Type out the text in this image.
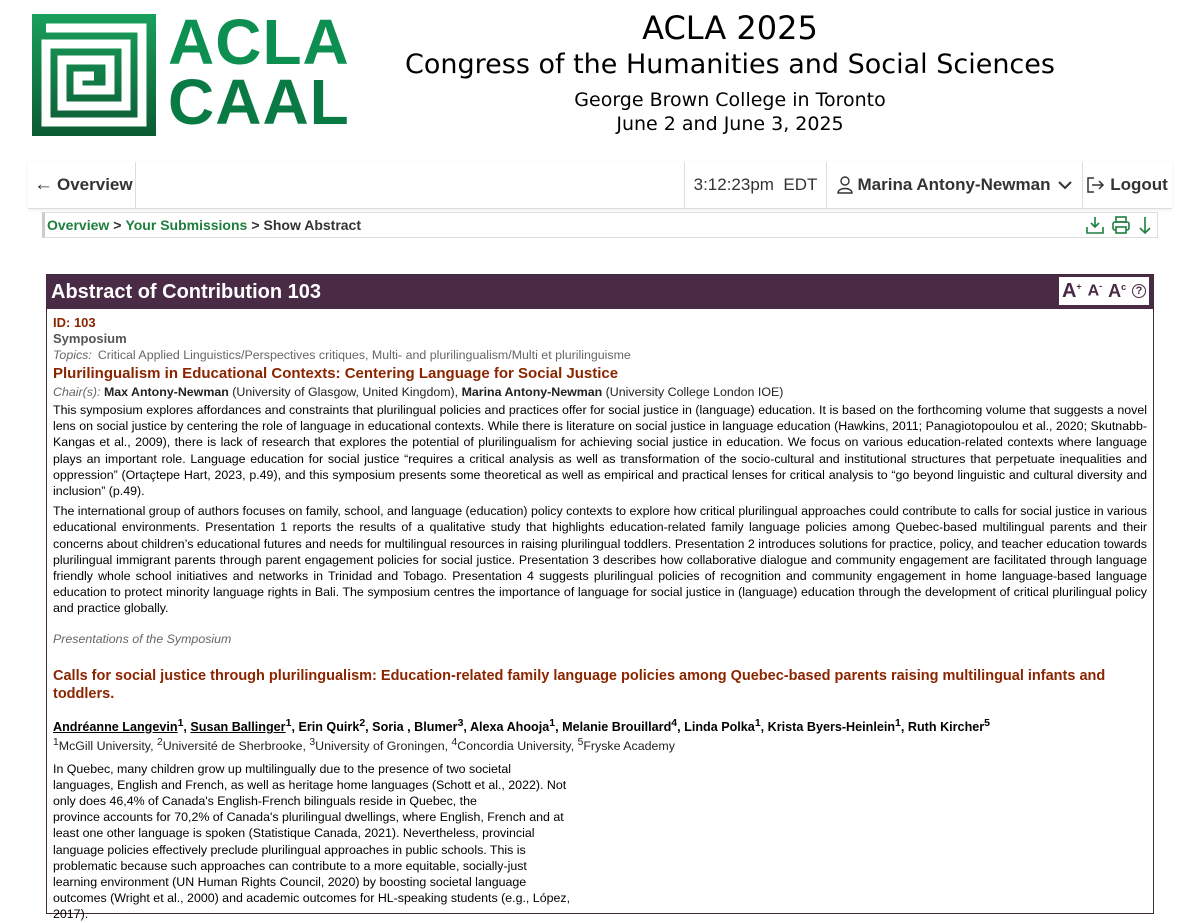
ACLA
CAAL
ACLA 2025
Congress of the Humanities and Social Sciences
George Brown College in Toronto
June 2 and June 3, 2025
← Overview	3:12:23pm  EDT Marina Antony-Newman	Logout
Overview > Your Submissions > Show Abstract
Abstract of Contribution 103	A+ A- $A^c$ ?
ID: 103
Symposium
Topics: Critical Applied Linguistics/Perspectives critiques, Multi- and plurilingualism/Multi et plurilinguisme
Plurilingualism in Educational Contexts: Centering Language for Social Justice
Chair(s): Max Antony-Newman (University of Glasgow, United Kingdom), Marina Antony-Newman (University College London IOE)
This symposium explores affordances and constraints that plurilingual policies and practices offer for social justice in (language) education. It is based on the forthcoming volume that suggests a novel lens on social justice by centering the role of language in educational contexts. While there is literature on social justice in language education (Hawkins, 2011; Panagiotopoulou et al., 2020; Skutnabb-Kangas et al., 2009), there is lack of research that explores the potential of plurilingualism for achieving social justice in education. We focus on various education-related contexts where language plays an important role. Language education for social justice “requires a critical analysis as well as transformation of the socio-cultural and institutional structures that perpetuate inequalities and oppression” (Ortaçtepe Hart, 2023, p.49), and this symposium presents some theoretical as well as empirical and practical lenses for critical analysis to “go beyond linguistic and cultural diversity and inclusion” (p.49).
The international group of authors focuses on family, school, and language (education) policy contexts to explore how critical plurilingual approaches could contribute to calls for social justice in various educational environments. Presentation 1 reports the results of a qualitative study that highlights education-related family language policies among Quebec-based multilingual parents and their concerns about children’s educational futures and needs for multilingual resources in raising plurilingual toddlers. Presentation 2 introduces solutions for practice, policy, and teacher education towards plurilingual immigrant parents through parent engagement policies for social justice. Presentation 3 describes how collaborative dialogue and community engagement are facilitated through language friendly whole school initiatives and networks in Trinidad and Tobago. Presentation 4 suggests plurilingual policies of recognition and community engagement in home language-based language education to protect minority language rights in Bali. The symposium centres the importance of language for social justice in (language) education through the development of critical plurilingual policy and practice globally.
Presentations of the Symposium
Calls for social justice through plurilingualism: Education-related family language policies among Quebec-based parents raising multilingual infants and toddlers.
Andréanne Langevin$^1$, Susan Ballinger$^1$, Erin Quirk$^2$, Soria , Blumer$^3$, Alexa Ahooja$^1$, Melanie Brouillard$^4$, Linda Polka$^1$, Krista Byers-Heinlein$^1$, Ruth Kircher$^5$
$^1$McGill University, $^2$Université de Sherbrooke, $^3$University of Groningen, $^4$Concordia University, $^5$Fryske Academy
In Quebec, many children grow up multilingually due to the presence of two societal
languages, English and French, as well as heritage home languages (Schott et al., 2022). Not
only does 46,4% of Canada's English-French bilinguals reside in Quebec, the
province accounts for 70,2% of Canada's plurilingual dwellings, where English, French and at
least one other language is spoken (Statistique Canada, 2021). Nevertheless, provincial
language policies effectively preclude plurilingual approaches in public schools. This is
problematic because such approaches can contribute to a more equitable, socially-just
learning environment (UN Human Rights Council, 2020) by boosting societal language
outcomes (Wright et al., 2000) and academic outcomes for HL-speaking students (e.g., López,
2017).
